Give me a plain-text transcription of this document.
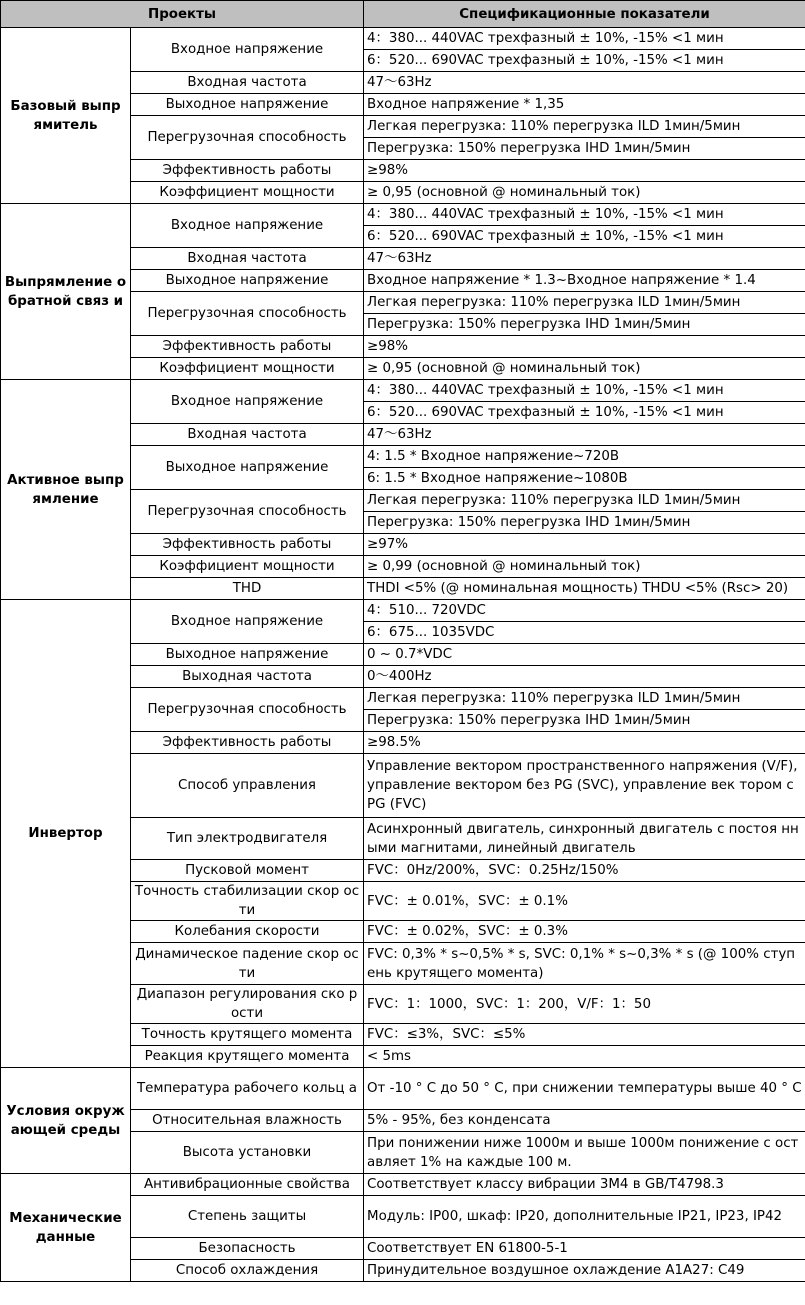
Проекты		Спецификационные показатели
Базовый выпр ямитель	Входное напряжение	4：380... 440VAC трехфазный ± 10%, -15% <1 мин
		6：520... 690VAC трехфазный ± 10%, -15% <1 мин
	Входная частота	47～63Hz
	Выходное напряжение	Входное напряжение * 1,35
	Перегрузочная способность	Легкая перегрузка: 110% перегрузка ILD 1мин/5мин
		Перегрузка: 150% перегрузка IHD 1мин/5мин
	Эффективность работы	≥98%
	Коэффициент мощности	≥ 0,95 (основной @ номинальный ток)
Выпрямление обратной связ и	Входное напряжение	4：380... 440VAC трехфазный ± 10%, -15% <1 мин
		6：520... 690VAC трехфазный ± 10%, -15% <1 мин
	Входная частота	47～63Hz
	Выходное напряжение	Входное напряжение * 1.3~Входное напряжение * 1.4
	Перегрузочная способность	Легкая перегрузка: 110% перегрузка ILD 1мин/5мин
		Перегрузка: 150% перегрузка IHD 1мин/5мин
	Эффективность работы	≥98%
	Коэффициент мощности	≥ 0,95 (основной @ номинальный ток)
Активное выпр ямление	Входное напряжение	4：380... 440VAC трехфазный ± 10%, -15% <1 мин
		6：520... 690VAC трехфазный ± 10%, -15% <1 мин
	Входная частота	47～63Hz
	Выходное напряжение	4: 1.5 * Входное напряжение~720В
		6: 1.5 * Входное напряжение~1080В
	Перегрузочная способность	Легкая перегрузка: 110% перегрузка ILD 1мин/5мин
		Перегрузка: 150% перегрузка IHD 1мин/5мин
	Эффективность работы	≥97%
	Коэффициент мощности	≥ 0,99 (основной @ номинальный ток)
	THD	THDI <5% (@ номинальная мощность) THDU <5% (Rsc> 20)
Инвертор	Входное напряжение	4：510... 720VDC
		6：675... 1035VDC
	Выходное напряжение	0 ~ 0.7*VDC
	Выходная частота	0～400Hz
	Перегрузочная способность	Легкая перегрузка: 110% перегрузка ILD 1мин/5мин
		Перегрузка: 150% перегрузка IHD 1мин/5мин
	Эффективность работы	≥98.5%
	Способ управления	Управление вектором пространственного напряжения (V/F), управление вектором без PG (SVC), управление век тором с PG (FVC)
	Тип электродвигателя	Асинхронный двигатель, синхронный двигатель с постоя нными магнитами, линейный двигатель
	Пусковой момент	FVC：0Hz/200%，SVC：0.25Hz/150%
	Точность стабилизации скор ости	FVC：± 0.01%，SVC：± 0.1%
	Колебания скорости	FVC：± 0.02%，SVC：± 0.3%
	Динамическое падение скор ости	FVC: 0,3% * s~0,5% * s, SVC: 0,1% * s~0,3% * s (@ 100% ступ ень крутящего момента)
	Диапазон регулирования ско рости	FVC：1：1000，SVC：1：200，V/F：1：50
	Точность крутящего момента	FVC：≤3%，SVC：≤5%
	Реакция крутящего момента	< 5ms
Условия окруж ающей среды	Температура рабочего кольц а	От -10 ° C до 50 ° C, при снижении температуры выше 40 ° C
	Относительная влажность	5% - 95%, без конденсата
	Высота установки	При понижении ниже 1000м и выше 1000м понижение с оставляет 1% на каждые 100 м.
Механические данные	Антивибрационные свойства	Соответствует классу вибрации 3M4 в GB/T4798.3
	Степень защиты	Модуль: IP00, шкаф: IP20, дополнительные IP21, IP23, IP42
	Безопасность	Соответствует EN 61800-5-1
	Способ охлаждения	Принудительное воздушное охлаждение A1A27: C49
